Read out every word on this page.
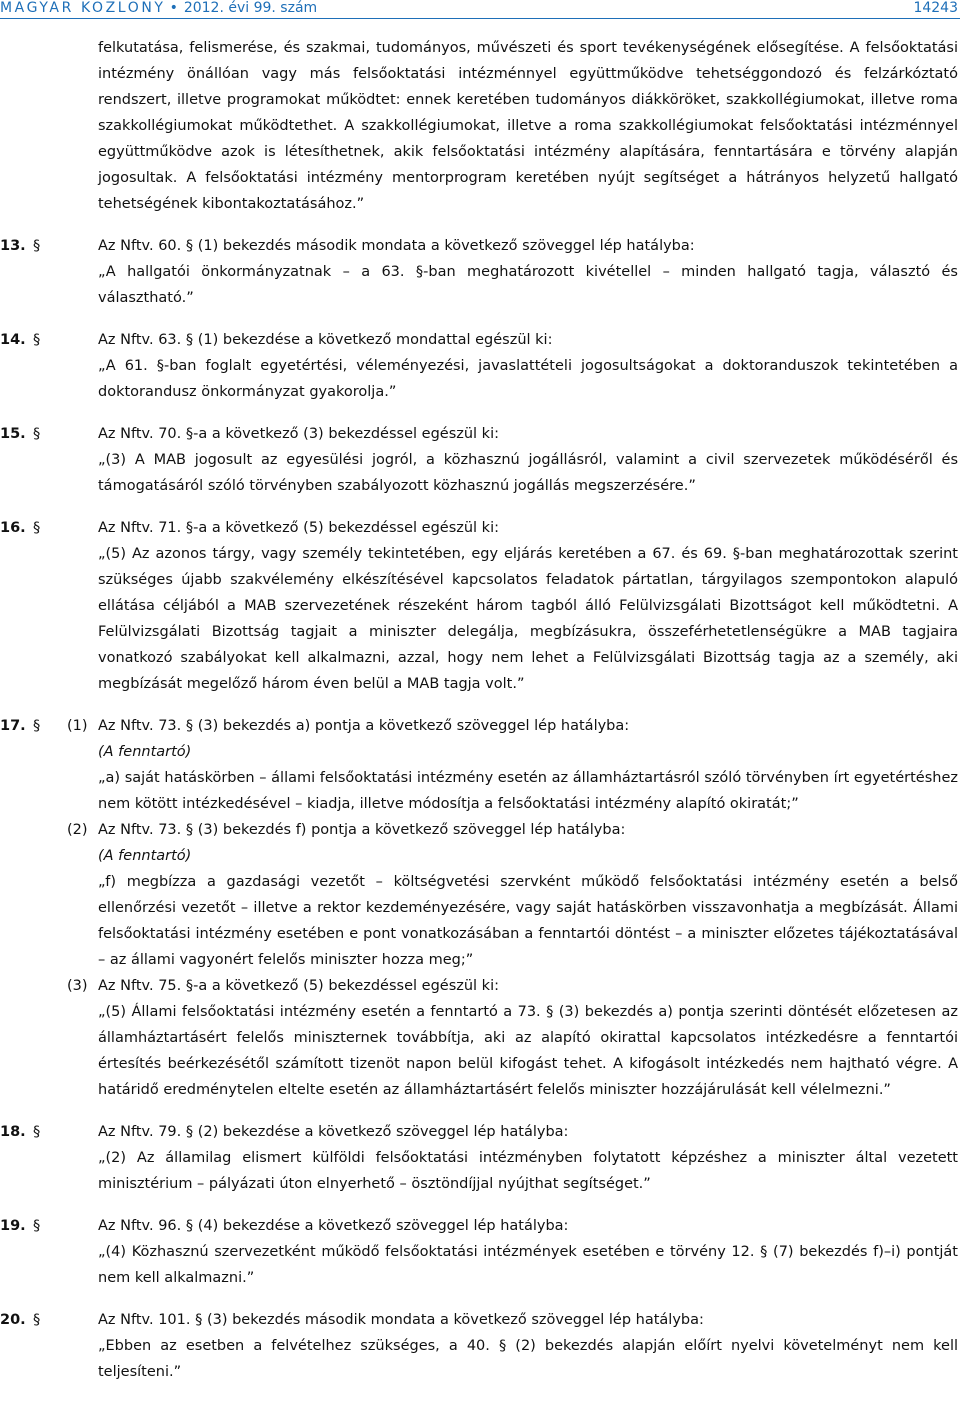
MAGYAR KÖZLÖNY • 2012. évi 99. szám	14243
felkutatása, felismerése, és szakmai, tudományos, művészeti és sport tevékenységének elősegítése. A felsőoktatási intézmény önállóan vagy más felsőoktatási intézménnyel együttműködve tehetséggondozó és felzárkóztató rendszert, illetve programokat működtet: ennek keretében tudományos diákköröket, szakkollégiumokat, illetve roma szakkollégiumokat működtethet. A szakkollégiumokat, illetve a roma szakkollégiumokat felsőoktatási intézménnyel együttműködve azok is létesíthetnek, akik felsőoktatási intézmény alapítására, fenntartására e törvény alapján jogosultak. A felsőoktatási intézmény mentorprogram keretében nyújt segítséget a hátrányos helyzetű hallgató tehetségének kibontakoztatásához.”
13. §	Az Nftv. 60. § (1) bekezdés második mondata a következő szöveggel lép hatályba:
„A hallgatói önkormányzatnak – a 63. §-ban meghatározott kivétellel – minden hallgató tagja, választó és választható.”
14. §	Az Nftv. 63. § (1) bekezdése a következő mondattal egészül ki:
„A 61. §-ban foglalt egyetértési, véleményezési, javaslattételi jogosultságokat a doktoranduszok tekintetében a doktorandusz önkormányzat gyakorolja.”
15. §	Az Nftv. 70. §-a a következő (3) bekezdéssel egészül ki:
„(3) A MAB jogosult az egyesülési jogról, a közhasznú jogállásról, valamint a civil szervezetek működéséről és támogatásáról szóló törvényben szabályozott közhasznú jogállás megszerzésére.”
16. §	Az Nftv. 71. §-a a következő (5) bekezdéssel egészül ki:
„(5) Az azonos tárgy, vagy személy tekintetében, egy eljárás keretében a 67. és 69. §-ban meghatározottak szerint szükséges újabb szakvélemény elkészítésével kapcsolatos feladatok pártatlan, tárgyilagos szempontokon alapuló ellátása céljából a MAB szervezetének részeként három tagból álló Felülvizsgálati Bizottságot kell működtetni. A Felülvizsgálati Bizottság tagjait a miniszter delegálja, megbízásukra, összeférhetetlenségükre a MAB tagjaira vonatkozó szabályokat kell alkalmazni, azzal, hogy nem lehet a Felülvizsgálati Bizottság tagja az a személy, aki megbízását megelőző három éven belül a MAB tagja volt.”
17. § (1) Az Nftv. 73. § (3) bekezdés a) pontja a következő szöveggel lép hatályba:
(A fenntartó)
„a) saját hatáskörben – állami felsőoktatási intézmény esetén az államháztartásról szóló törvényben írt egyetértéshez nem kötött intézkedésével – kiadja, illetve módosítja a felsőoktatási intézmény alapító okiratát;”
(2) Az Nftv. 73. § (3) bekezdés f) pontja a következő szöveggel lép hatályba:
(A fenntartó)
„f) megbízza a gazdasági vezetőt – költségvetési szervként működő felsőoktatási intézmény esetén a belső ellenőrzési vezetőt – illetve a rektor kezdeményezésére, vagy saját hatáskörben visszavonhatja a megbízását. Állami felsőoktatási intézmény esetében e pont vonatkozásában a fenntartói döntést – a miniszter előzetes tájékoztatásával – az állami vagyonért felelős miniszter hozza meg;”
(3) Az Nftv. 75. §-a a következő (5) bekezdéssel egészül ki:
„(5) Állami felsőoktatási intézmény esetén a fenntartó a 73. § (3) bekezdés a) pontja szerinti döntését előzetesen az államháztartásért felelős miniszternek továbbítja, aki az alapító okirattal kapcsolatos intézkedésre a fenntartói értesítés beérkezésétől számított tizenöt napon belül kifogást tehet. A kifogásolt intézkedés nem hajtható végre. A határidő eredménytelen eltelte esetén az államháztartásért felelős miniszter hozzájárulását kell vélelmezni.”
18. §	Az Nftv. 79. § (2) bekezdése a következő szöveggel lép hatályba:
„(2) Az államilag elismert külföldi felsőoktatási intézményben folytatott képzéshez a miniszter által vezetett minisztérium – pályázati úton elnyerhető – ösztöndíjjal nyújthat segítséget.”
19. §	Az Nftv. 96. § (4) bekezdése a következő szöveggel lép hatályba:
„(4) Közhasznú szervezetként működő felsőoktatási intézmények esetében e törvény 12. § (7) bekezdés f)–i) pontját nem kell alkalmazni.”
20. §	Az Nftv. 101. § (3) bekezdés második mondata a következő szöveggel lép hatályba:
„Ebben az esetben a felvételhez szükséges, a 40. § (2) bekezdés alapján előírt nyelvi követelményt nem kell teljesíteni.”
